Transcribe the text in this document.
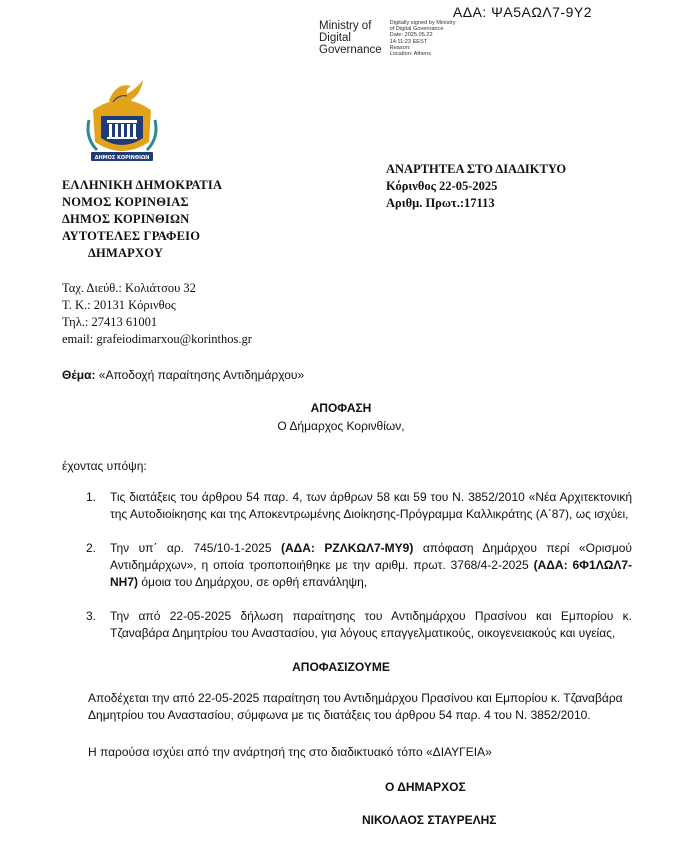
ΑΔΑ: ΨΑ5ΑΩΛ7-9Υ2
Ministry of
Digital
Governance
Digitally signed by Ministry
of Digital Governance
Date: 2025.05.22
14:11:23 EEST
Reason:
Location: Athens
ΔΗΜΟΣ ΚΟΡΙΝΘΙΩΝ
ΕΛΛΗΝΙΚΗ ΔΗΜΟΚΡΑΤΙΑ
ΝΟΜΟΣ ΚΟΡΙΝΘΙΑΣ
ΔΗΜΟΣ ΚΟΡΙΝΘΙΩΝ
ΑΥΤΟΤΕΛΕΣ ΓΡΑΦΕΙΟ
ΔΗΜΑΡΧΟΥ
ΑΝΑΡΤΗΤΕΑ ΣΤΟ ΔΙΑΔΙΚΤΥΟ
Κόρινθος 22-05-2025
Αριθμ. Πρωτ.:17113
Ταχ. Διεύθ.: Κολιάτσου 32
Τ. Κ.: 20131 Κόρινθος
Τηλ.: 27413 61001
email: grafeiodimarxou@korinthos.gr
Θέμα: «Αποδοχή παραίτησης Αντιδημάρχου»
ΑΠΟΦΑΣΗ
Ο Δήμαρχος Κορινθίων,
έχοντας υπόψη:
1.	Τις διατάξεις του άρθρου 54 παρ. 4, των άρθρων 58 και 59 του Ν. 3852/2010 «Νέα Αρχιτεκτονική της Αυτοδιοίκησης και της Αποκεντρωμένης Διοίκησης-Πρόγραμμα Καλλικράτης (Α΄87), ως ισχύει,
2.	Την υπ΄ αρ. 745/10-1-2025 (ΑΔΑ: ΡΖΛΚΩΛ7-ΜΥ9) απόφαση Δημάρχου περί «Ορισμού Αντιδημάρχων», η οποία τροποποιήθηκε με την αριθμ. πρωτ. 3768/4-2-2025 (ΑΔΑ: 6Φ1ΛΩΛ7-ΝΗ7) όμοια του Δημάρχου, σε ορθή επανάληψη,
3.	Την από 22-05-2025 δήλωση παραίτησης του Αντιδημάρχου Πρασίνου και Εμπορίου κ. Τζαναβάρα Δημητρίου του Αναστασίου, για λόγους επαγγελματικούς, οικογενειακούς και υγείας,
ΑΠΟΦΑΣΙΖΟΥΜΕ
Αποδέχεται την από 22-05-2025 παραίτηση του Αντιδημάρχου Πρασίνου και Εμπορίου κ. Τζαναβάρα Δημητρίου του Αναστασίου, σύμφωνα με τις διατάξεις του άρθρου 54 παρ. 4 του Ν. 3852/2010.
Η παρούσα ισχύει από την ανάρτησή της στο διαδικτυακό τόπο «ΔΙΑΥΓΕΙΑ»
Ο ΔΗΜΑΡΧΟΣ
ΝΙΚΟΛΑΟΣ ΣΤΑΥΡΕΛΗΣ
